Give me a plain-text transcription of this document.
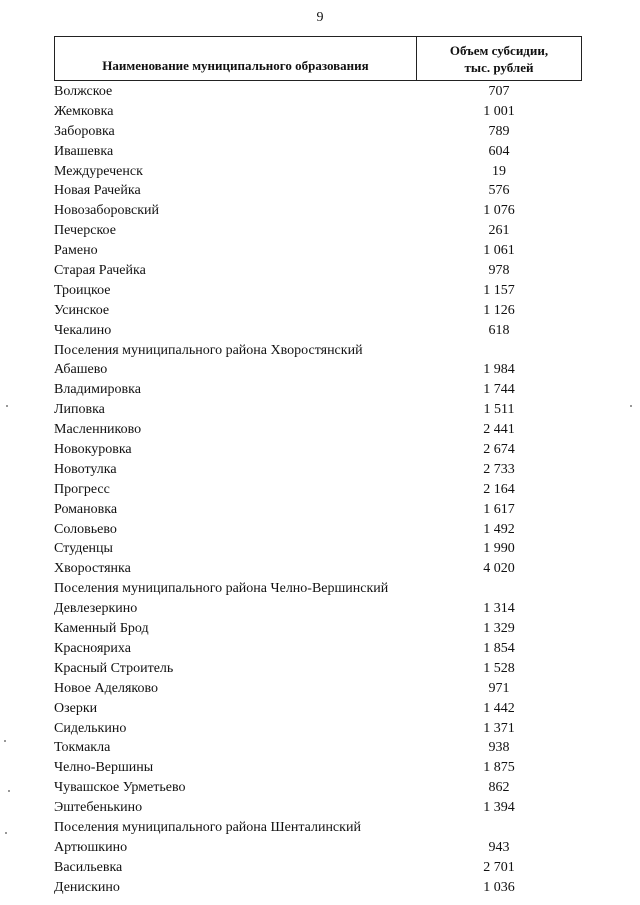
9
Наименование муниципального образования
Объем субсидии,
тыс. рублей
Волжское	707
Жемковка	1 001
Заборовка	789
Ивашевка	604
Междуреченск	19
Новая Рачейка	576
Новозаборовский	1 076
Печерское	261
Рамено	1 061
Старая Рачейка	978
Троицкое	1 157
Усинское	1 126
Чекалино	618
Поселения муниципального района Хворостянский
Абашево	1 984
Владимировка	1 744
Липовка	1 511
Масленниково	2 441
Новокуровка	2 674
Новотулка	2 733
Прогресс	2 164
Романовка	1 617
Соловьево	1 492
Студенцы	1 990
Хворостянка	4 020
Поселения муниципального района Челно-Вершинский
Девлезеркино	1 314
Каменный Брод	1 329
Краснояриха	1 854
Красный Строитель	1 528
Новое Аделяково	971
Озерки	1 442
Сиделькино	1 371
Токмакла	938
Челно-Вершины	1 875
Чувашское Урметьево	862
Эштебенькино	1 394
Поселения муниципального района Шенталинский
Артюшкино	943
Васильевка	2 701
Денискино	1 036
